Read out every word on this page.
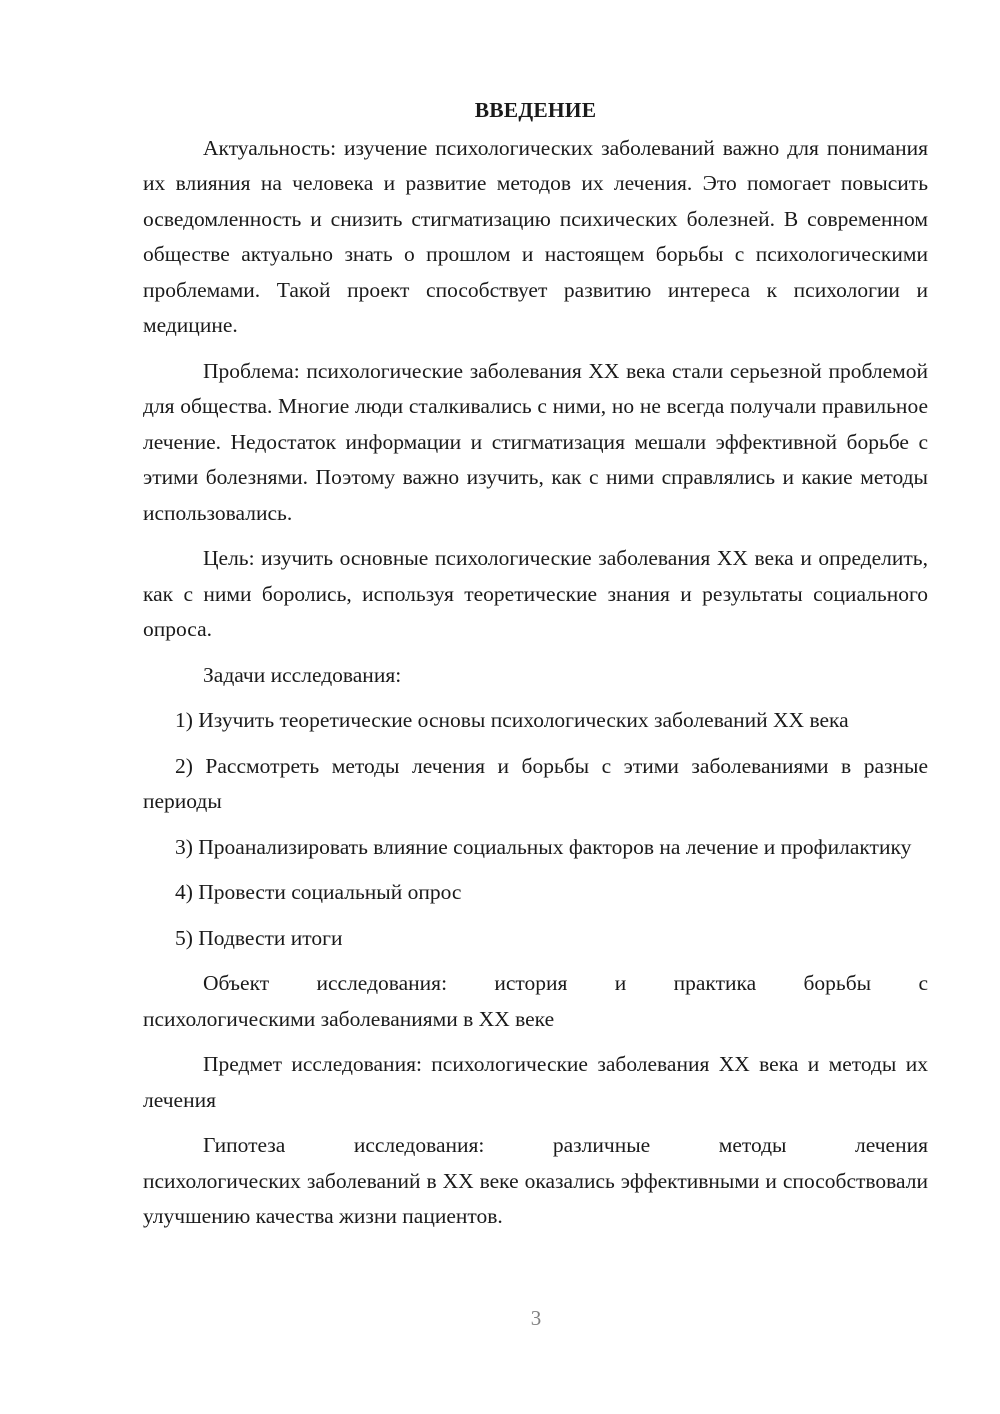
ВВЕДЕНИЕ

Актуальность: изучение психологических заболеваний важно для понимания их влияния на человека и развитие методов их лечения. Это помогает повысить осведомленность и снизить стигматизацию психических болезней. В современном обществе актуально знать о прошлом и настоящем борьбы с психологическими проблемами. Такой проект способствует развитию интереса к психологии и медицине.

Проблема: психологические заболевания XX века стали серьезной проблемой для общества. Многие люди сталкивались с ними, но не всегда получали правильное лечение. Недостаток информации и стигматизация мешали эффективной борьбе с этими болезнями. Поэтому важно изучить, как с ними справлялись и какие методы использовались.

Цель: изучить основные психологические заболевания XX века и определить, как с ними боролись, используя теоретические знания и результаты социального опроса.

Задачи исследования:

1) Изучить теоретические основы психологических заболеваний XX века

2) Рассмотреть методы лечения и борьбы с этими заболеваниями в разные периоды

3) Проанализировать влияние социальных факторов на лечение и профилактику

4) Провести социальный опрос

5) Подвести итоги

Объект исследования: история и практика борьбы с
психологическими заболеваниями в XX веке

Предмет исследования: психологические заболевания XX века и методы их лечения

Гипотеза исследования: различные методы лечения
психологических заболеваний в XX веке оказались эффективными и способствовали улучшению качества жизни пациентов.
3
